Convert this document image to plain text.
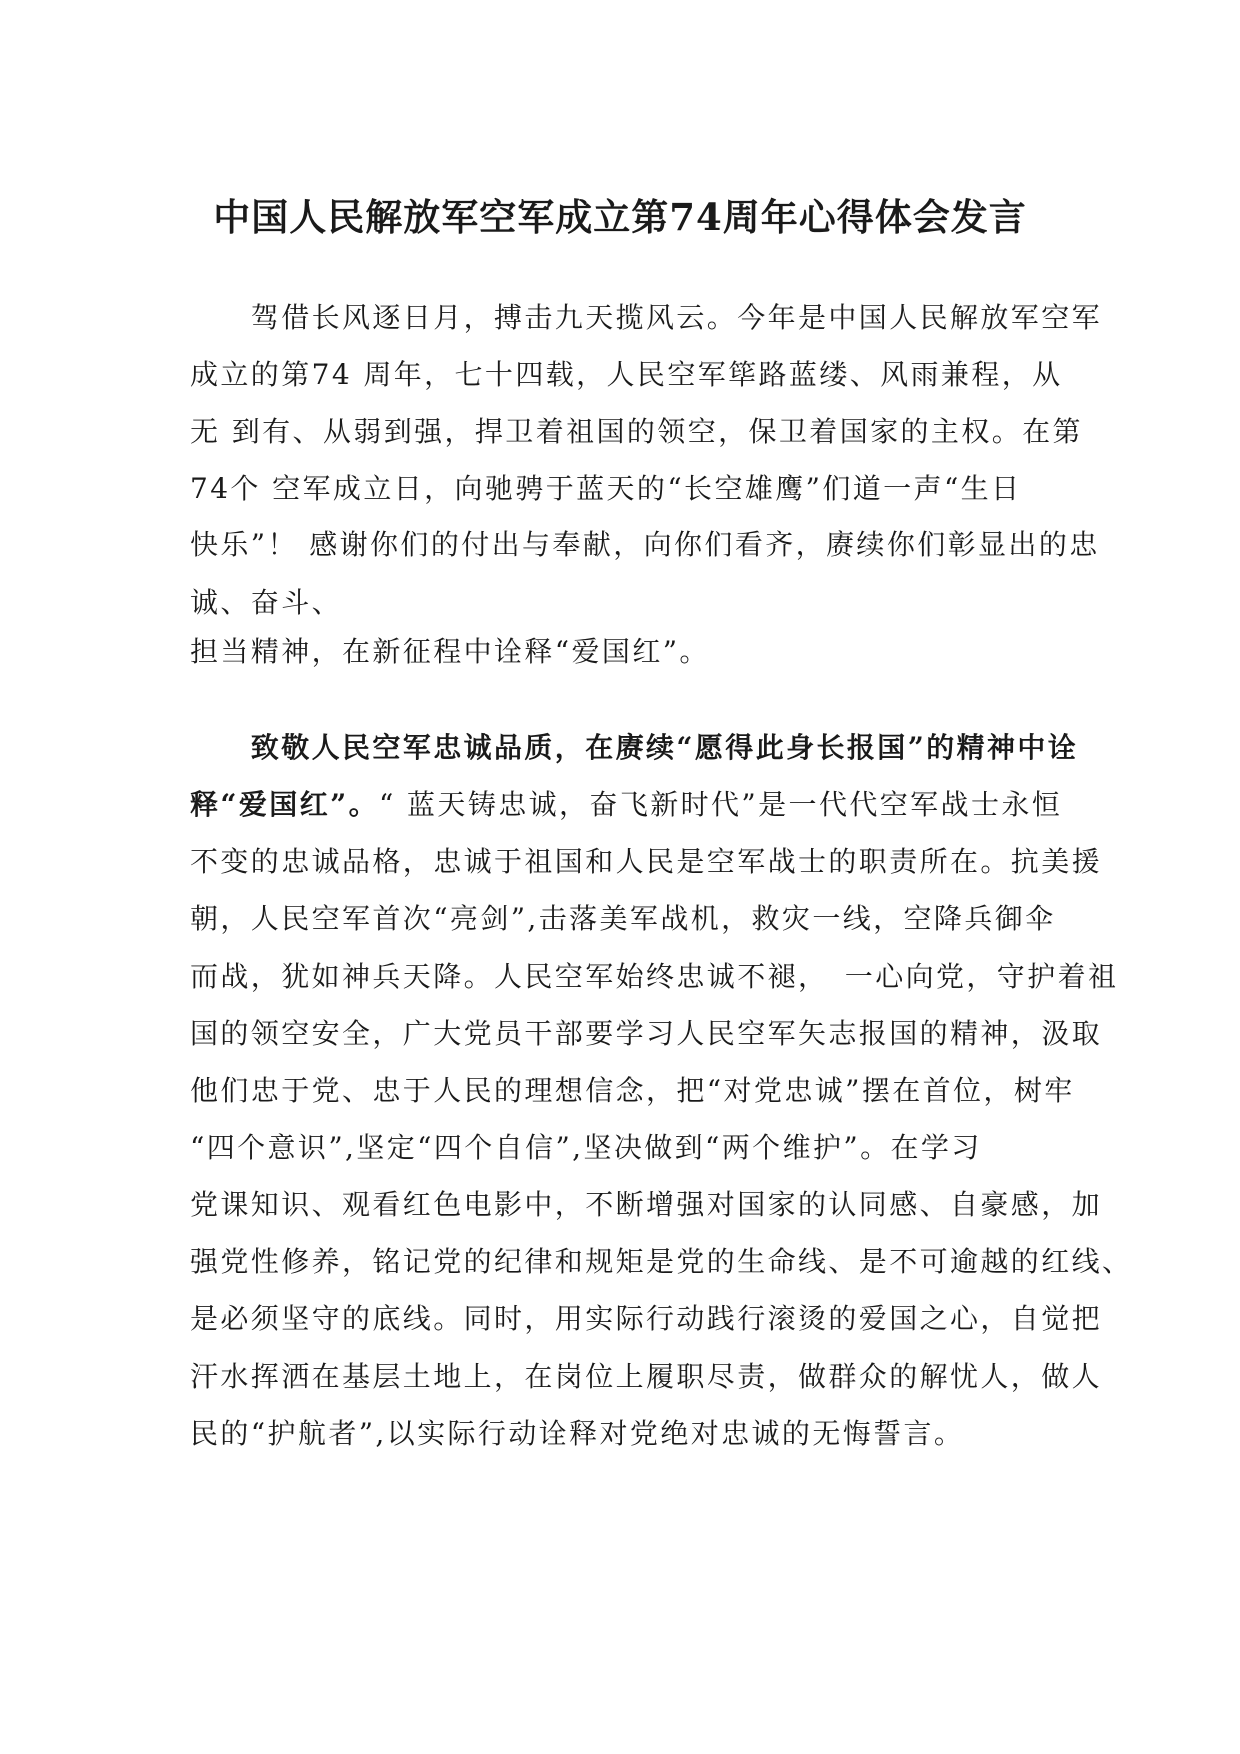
中国人民解放军空军成立第74周年心得体会发言
　　驾借长风逐日月，搏击九天揽风云。今年是中国人民解放军空军
成立的第74 周年，七十四载，人民空军筚路蓝缕、风雨兼程，从
无 到有、从弱到强，捍卫着祖国的领空，保卫着国家的主权。在第
74个 空军成立日，向驰骋于蓝天的“长空雄鹰”们道一声“生日
快乐”！ 感谢你们的付出与奉献，向你们看齐，赓续你们彰显出的忠
诚、奋斗、
担当精神，在新征程中诠释“爱国红”。
　　致敬人民空军忠诚品质，在赓续“愿得此身长报国”的精神中诠
释“爱国红”。“ 蓝天铸忠诚，奋飞新时代”是一代代空军战士永恒
不变的忠诚品格，忠诚于祖国和人民是空军战士的职责所在。抗美援
朝，人民空军首次“亮剑”,击落美军战机，救灾一线，空降兵御伞
而战，犹如神兵天降。人民空军始终忠诚不褪，　一心向党，守护着祖
国的领空安全，广大党员干部要学习人民空军矢志报国的精神，汲取
他们忠于党、忠于人民的理想信念，把“对党忠诚”摆在首位，树牢
“四个意识”,坚定“四个自信”,坚决做到“两个维护”。在学习
党课知识、观看红色电影中，不断增强对国家的认同感、自豪感，加
强党性修养，铭记党的纪律和规矩是党的生命线、是不可逾越的红线、
是必须坚守的底线。同时，用实际行动践行滚烫的爱国之心，自觉把
汗水挥洒在基层土地上，在岗位上履职尽责，做群众的解忧人，做人
民的“护航者”,以实际行动诠释对党绝对忠诚的无悔誓言。
